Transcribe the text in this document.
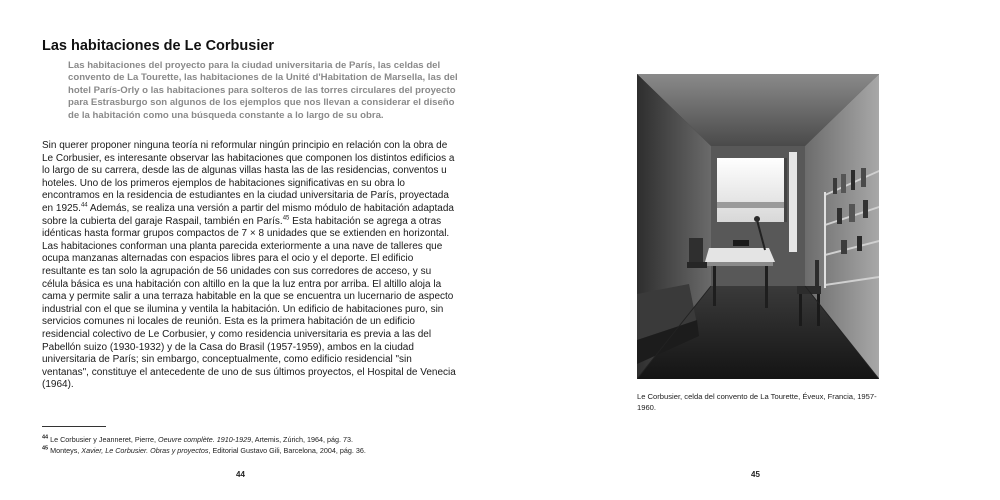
Las habitaciones de Le Corbusier

Las habitaciones del proyecto para la ciudad universitaria de París, las celdas del convento de La Tourette, las habitaciones de la Unité d'Habitation de Marsella, las del hotel París-Orly o las habitaciones para solteros de las torres circulares del proyecto para Estrasburgo son algunos de los ejemplos que nos llevan a considerar el diseño de la habitación como una búsqueda constante a lo largo de su obra.

Sin querer proponer ninguna teoría ni reformular ningún principio en relación con la obra de Le Corbusier, es interesante observar las habitaciones que componen los distintos edificios a lo largo de su carrera, desde las de algunas villas hasta las de las residencias, conventos u hoteles. Uno de los primeros ejemplos de habitaciones significativas en su obra lo encontramos en la residencia de estudiantes en la ciudad universitaria de París, proyectada en 1925.44 Además, se realiza una versión a partir del mismo módulo de habitación adaptada sobre la cubierta del garaje Raspail, también en París.$^{45}$ Esta habitación se agrega a otras idénticas hasta formar grupos compactos de 7 × 8 unidades que se extienden en horizontal. Las habitaciones conforman una planta parecida exteriormente a una nave de talleres que ocupa manzanas alternadas con espacios libres para el ocio y el deporte. El edificio resultante es tan solo la agrupación de 56 unidades con sus corredores de acceso, y su célula básica es una habitación con altillo en la que la luz entra por arriba. El altillo aloja la cama y permite salir a una terraza habitable en la que se encuentra un lucernario de aspecto industrial con el que se ilumina y ventila la habitación. Un edificio de habitaciones puro, sin servicios comunes ni locales de reunión. Esta es la primera habitación de un edificio residencial colectivo de Le Corbusier, y como residencia universitaria es previa a las del Pabellón suizo (1930-1932) y de la Casa do Brasil (1957-1959), ambos en la ciudad universitaria de París; sin embargo, conceptualmente, como edificio residencial "sin ventanas", constituye el antecedente de uno de sus últimos proyectos, el Hospital de Venecia (1964).

$^{44}$ Le Corbusier y Jeanneret, Pierre, Oeuvre complète. 1910-1929, Artemis, Zúrich, 1964, pág. 73.
$^{45}$ Monteys, Xavier, Le Corbusier. Obras y proyectos, Editorial Gustavo Gili, Barcelona, 2004, pág. 36.
44
Le Corbusier, celda del convento de La Tourette, Éveux, Francia, 1957-1960.
45
